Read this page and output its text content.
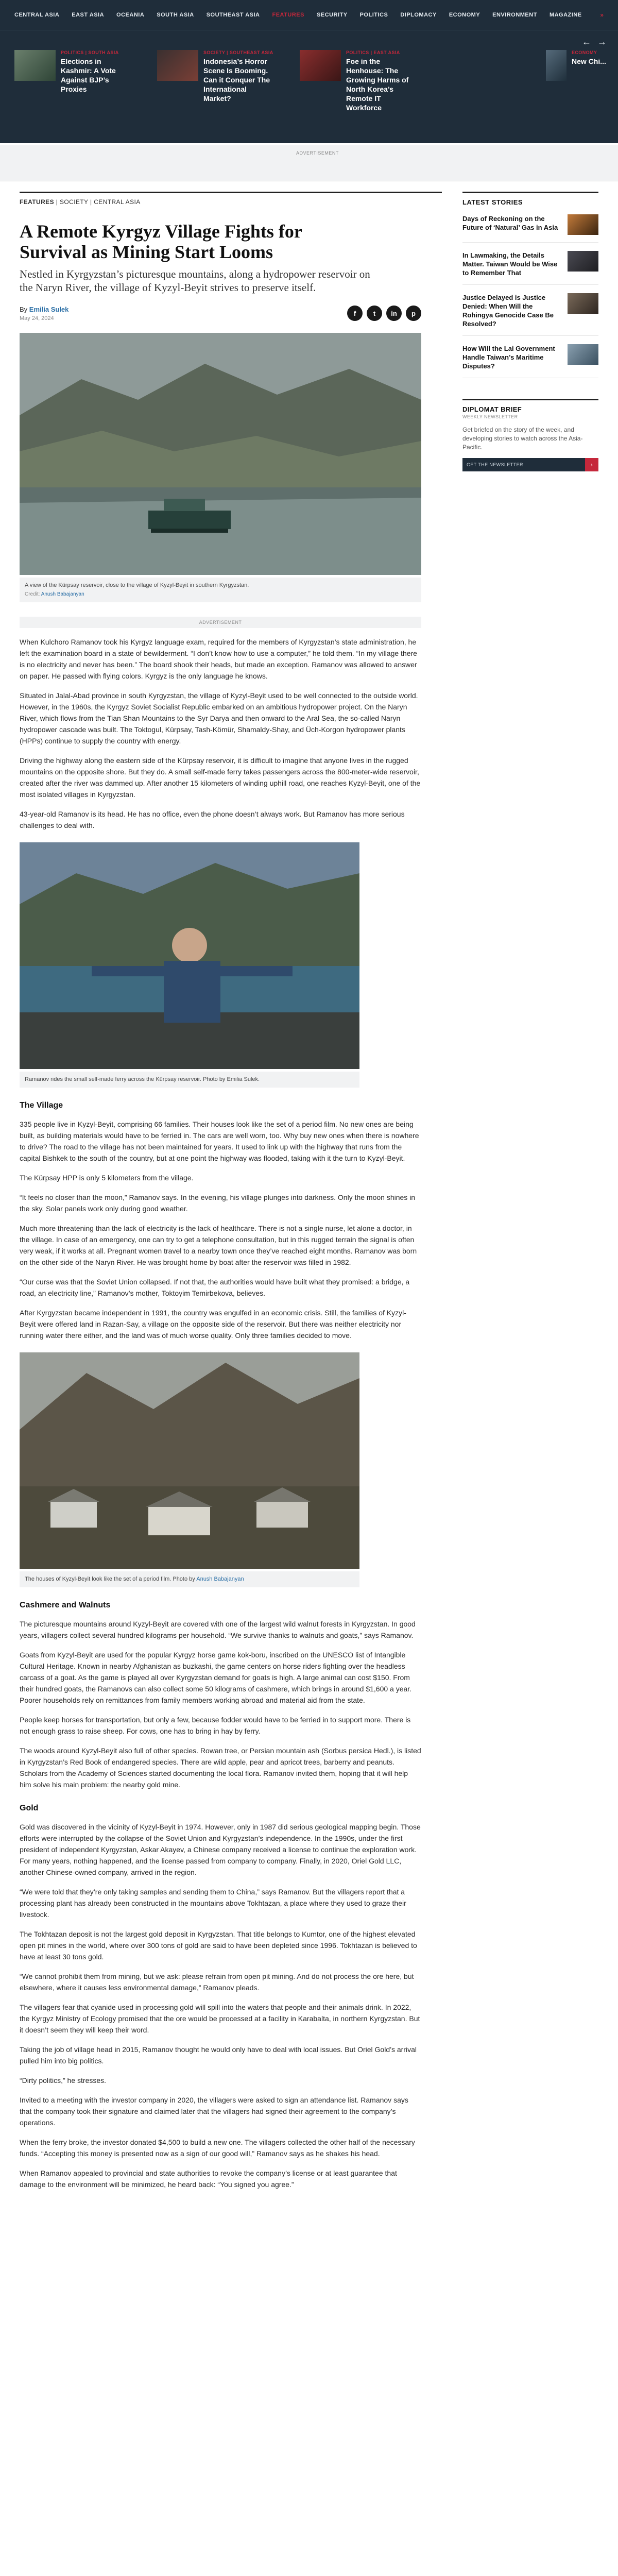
CENTRAL ASIA EAST ASIA OCEANIA SOUTH ASIA SOUTHEAST ASIA FEATURES SECURITY POLITICS DIPLOMACY ECONOMY ENVIRONMENT MAGAZINE	»
← →
POLITICS | SOUTH ASIA
Elections in Kashmir: A Vote Against BJP’s Proxies
SOCIETY | SOUTHEAST ASIA
Indonesia’s Horror Scene Is Booming. Can it Conquer The International Market?
POLITICS | EAST ASIA
Foe in the Henhouse: The Growing Harms of North Korea’s Remote IT Workforce
ECONOMY
New Chi...
ADVERTISEMENT
FEATURES | SOCIETY | CENTRAL ASIA
A Remote Kyrgyz Village Fights for Survival as Mining Start Looms
Nestled in Kyrgyzstan’s picturesque mountains, along a hydropower reservoir on the Naryn River, the village of Kyzyl-Beyit strives to preserve itself.
By Emilia Sulek
May 24, 2024
f	t	in	p
A view of the Kürpsay reservoir, close to the village of Kyzyl-Beyit in southern Kyrgyzstan.
Credit: Anush Babajanyan
ADVERTISEMENT

When Kulchoro Ramanov took his Kyrgyz language exam, required for the members of Kyrgyzstan’s state administration, he left the examination board in a state of bewilderment. “I don’t know how to use a computer,” he told them. “In my village there is no electricity and never has been.” The board shook their heads, but made an exception. Ramanov was allowed to answer on paper. He passed with flying colors. Kyrgyz is the only language he knows.

Situated in Jalal-Abad province in south Kyrgyzstan, the village of Kyzyl-Beyit used to be well connected to the outside world. However, in the 1960s, the Kyrgyz Soviet Socialist Republic embarked on an ambitious hydropower project. On the Naryn River, which flows from the Tian Shan Mountains to the Syr Darya and then onward to the Aral Sea, the so-called Naryn hydropower cascade was built. The Toktogul, Kürpsay, Tash-Kömür, Shamaldy-Shay, and Üch-Korgon hydropower plants (HPPs) continue to supply the country with energy.

Driving the highway along the eastern side of the Kürpsay reservoir, it is difficult to imagine that anyone lives in the rugged mountains on the opposite shore. But they do. A small self-made ferry takes passengers across the 800-meter-wide reservoir, created after the river was dammed up. After another 15 kilometers of winding uphill road, one reaches Kyzyl-Beyit, one of the most isolated villages in Kyrgyzstan.

43-year-old Ramanov is its head. He has no office, even the phone doesn’t always work. But Ramanov has more serious challenges to deal with.

Ramanov rides the small self-made ferry across the Kürpsay reservoir. Photo by Emilia Sulek.
The Village

335 people live in Kyzyl-Beyit, comprising 66 families. Their houses look like the set of a period film. No new ones are being built, as building materials would have to be ferried in. The cars are well worn, too. Why buy new ones when there is nowhere to drive? The road to the village has not been maintained for years. It used to link up with the highway that runs from the capital Bishkek to the south of the country, but at one point the highway was flooded, taking with it the turn to Kyzyl-Beyit.

The Kürpsay HPP is only 5 kilometers from the village.

“It feels no closer than the moon,” Ramanov says. In the evening, his village plunges into darkness. Only the moon shines in the sky. Solar panels work only during good weather.

Much more threatening than the lack of electricity is the lack of healthcare. There is not a single nurse, let alone a doctor, in the village. In case of an emergency, one can try to get a telephone consultation, but in this rugged terrain the signal is often very weak, if it works at all. Pregnant women travel to a nearby town once they’ve reached eight months. Ramanov was born on the other side of the Naryn River. He was brought home by boat after the reservoir was filled in 1982.

“Our curse was that the Soviet Union collapsed. If not that, the authorities would have built what they promised: a bridge, a road, an electricity line,” Ramanov’s mother, Toktoyim Temirbekova, believes.

After Kyrgyzstan became independent in 1991, the country was engulfed in an economic crisis. Still, the families of Kyzyl-Beyit were offered land in Razan-Say, a village on the opposite side of the reservoir. But there was neither electricity nor running water there either, and the land was of much worse quality. Only three families decided to move.

The houses of Kyzyl-Beyit look like the set of a period film. Photo by Anush Babajanyan
Cashmere and Walnuts

The picturesque mountains around Kyzyl-Beyit are covered with one of the largest wild walnut forests in Kyrgyzstan. In good years, villagers collect several hundred kilograms per household. “We survive thanks to walnuts and goats,” says Ramanov.

Goats from Kyzyl-Beyit are used for the popular Kyrgyz horse game kok-boru, inscribed on the UNESCO list of Intangible Cultural Heritage. Known in nearby Afghanistan as buzkashi, the game centers on horse riders fighting over the headless carcass of a goat. As the game is played all over Kyrgyzstan demand for goats is high. A large animal can cost $150. From their hundred goats, the Ramanovs can also collect some 50 kilograms of cashmere, which brings in around $1,600 a year. Poorer households rely on remittances from family members working abroad and material aid from the state.

People keep horses for transportation, but only a few, because fodder would have to be ferried in to support more. There is not enough grass to raise sheep. For cows, one has to bring in hay by ferry.

The woods around Kyzyl-Beyit also full of other species. Rowan tree, or Persian mountain ash (Sorbus persica Hedl.), is listed in Kyrgyzstan’s Red Book of endangered species. There are wild apple, pear and apricot trees, barberry and peanuts. Scholars from the Academy of Sciences started documenting the local flora. Ramanov invited them, hoping that it will help him solve his main problem: the nearby gold mine.

Gold

Gold was discovered in the vicinity of Kyzyl-Beyit in 1974. However, only in 1987 did serious geological mapping begin. Those efforts were interrupted by the collapse of the Soviet Union and Kyrgyzstan’s independence. In the 1990s, under the first president of independent Kyrgyzstan, Askar Akayev, a Chinese company received a license to continue the exploration work. For many years, nothing happened, and the license passed from company to company. Finally, in 2020, Oriel Gold LLC, another Chinese-owned company, arrived in the region.

“We were told that they’re only taking samples and sending them to China,” says Ramanov. But the villagers report that a processing plant has already been constructed in the mountains above Tokhtazan, a place where they used to graze their livestock.

The Tokhtazan deposit is not the largest gold deposit in Kyrgyzstan. That title belongs to Kumtor, one of the highest elevated open pit mines in the world, where over 300 tons of gold are said to have been depleted since 1996. Tokhtazan is believed to have at least 30 tons gold.

“We cannot prohibit them from mining, but we ask: please refrain from open pit mining. And do not process the ore here, but elsewhere, where it causes less environmental damage,” Ramanov pleads.

The villagers fear that cyanide used in processing gold will spill into the waters that people and their animals drink. In 2022, the Kyrgyz Ministry of Ecology promised that the ore would be processed at a facility in Karabalta, in northern Kyrgyzstan. But it doesn’t seem they will keep their word.

Taking the job of village head in 2015, Ramanov thought he would only have to deal with local issues. But Oriel Gold’s arrival pulled him into big politics.

“Dirty politics,” he stresses.

Invited to a meeting with the investor company in 2020, the villagers were asked to sign an attendance list. Ramanov says that the company took their signature and claimed later that the villagers had signed their agreement to the company’s operations.

When the ferry broke, the investor donated $4,500 to build a new one. The villagers collected the other half of the necessary funds. “Accepting this money is presented now as a sign of our good will,” Ramanov says as he shakes his head.

When Ramanov appealed to provincial and state authorities to revoke the company’s license or at least guarantee that damage to the environment will be minimized, he heard back: “You signed you agree.”

LATEST STORIES
Days of Reckoning on the Future of ‘Natural’ Gas in Asia
In Lawmaking, the Details Matter. Taiwan Would be Wise to Remember That
Justice Delayed is Justice Denied: When Will the Rohingya Genocide Case Be Resolved?
How Will the Lai Government Handle Taiwan’s Maritime Disputes?
DIPLOMAT BRIEF
WEEKLY NEWSLETTER
Get briefed on the story of the week, and developing stories to watch across the Asia-Pacific.
GET THE NEWSLETTER	›
